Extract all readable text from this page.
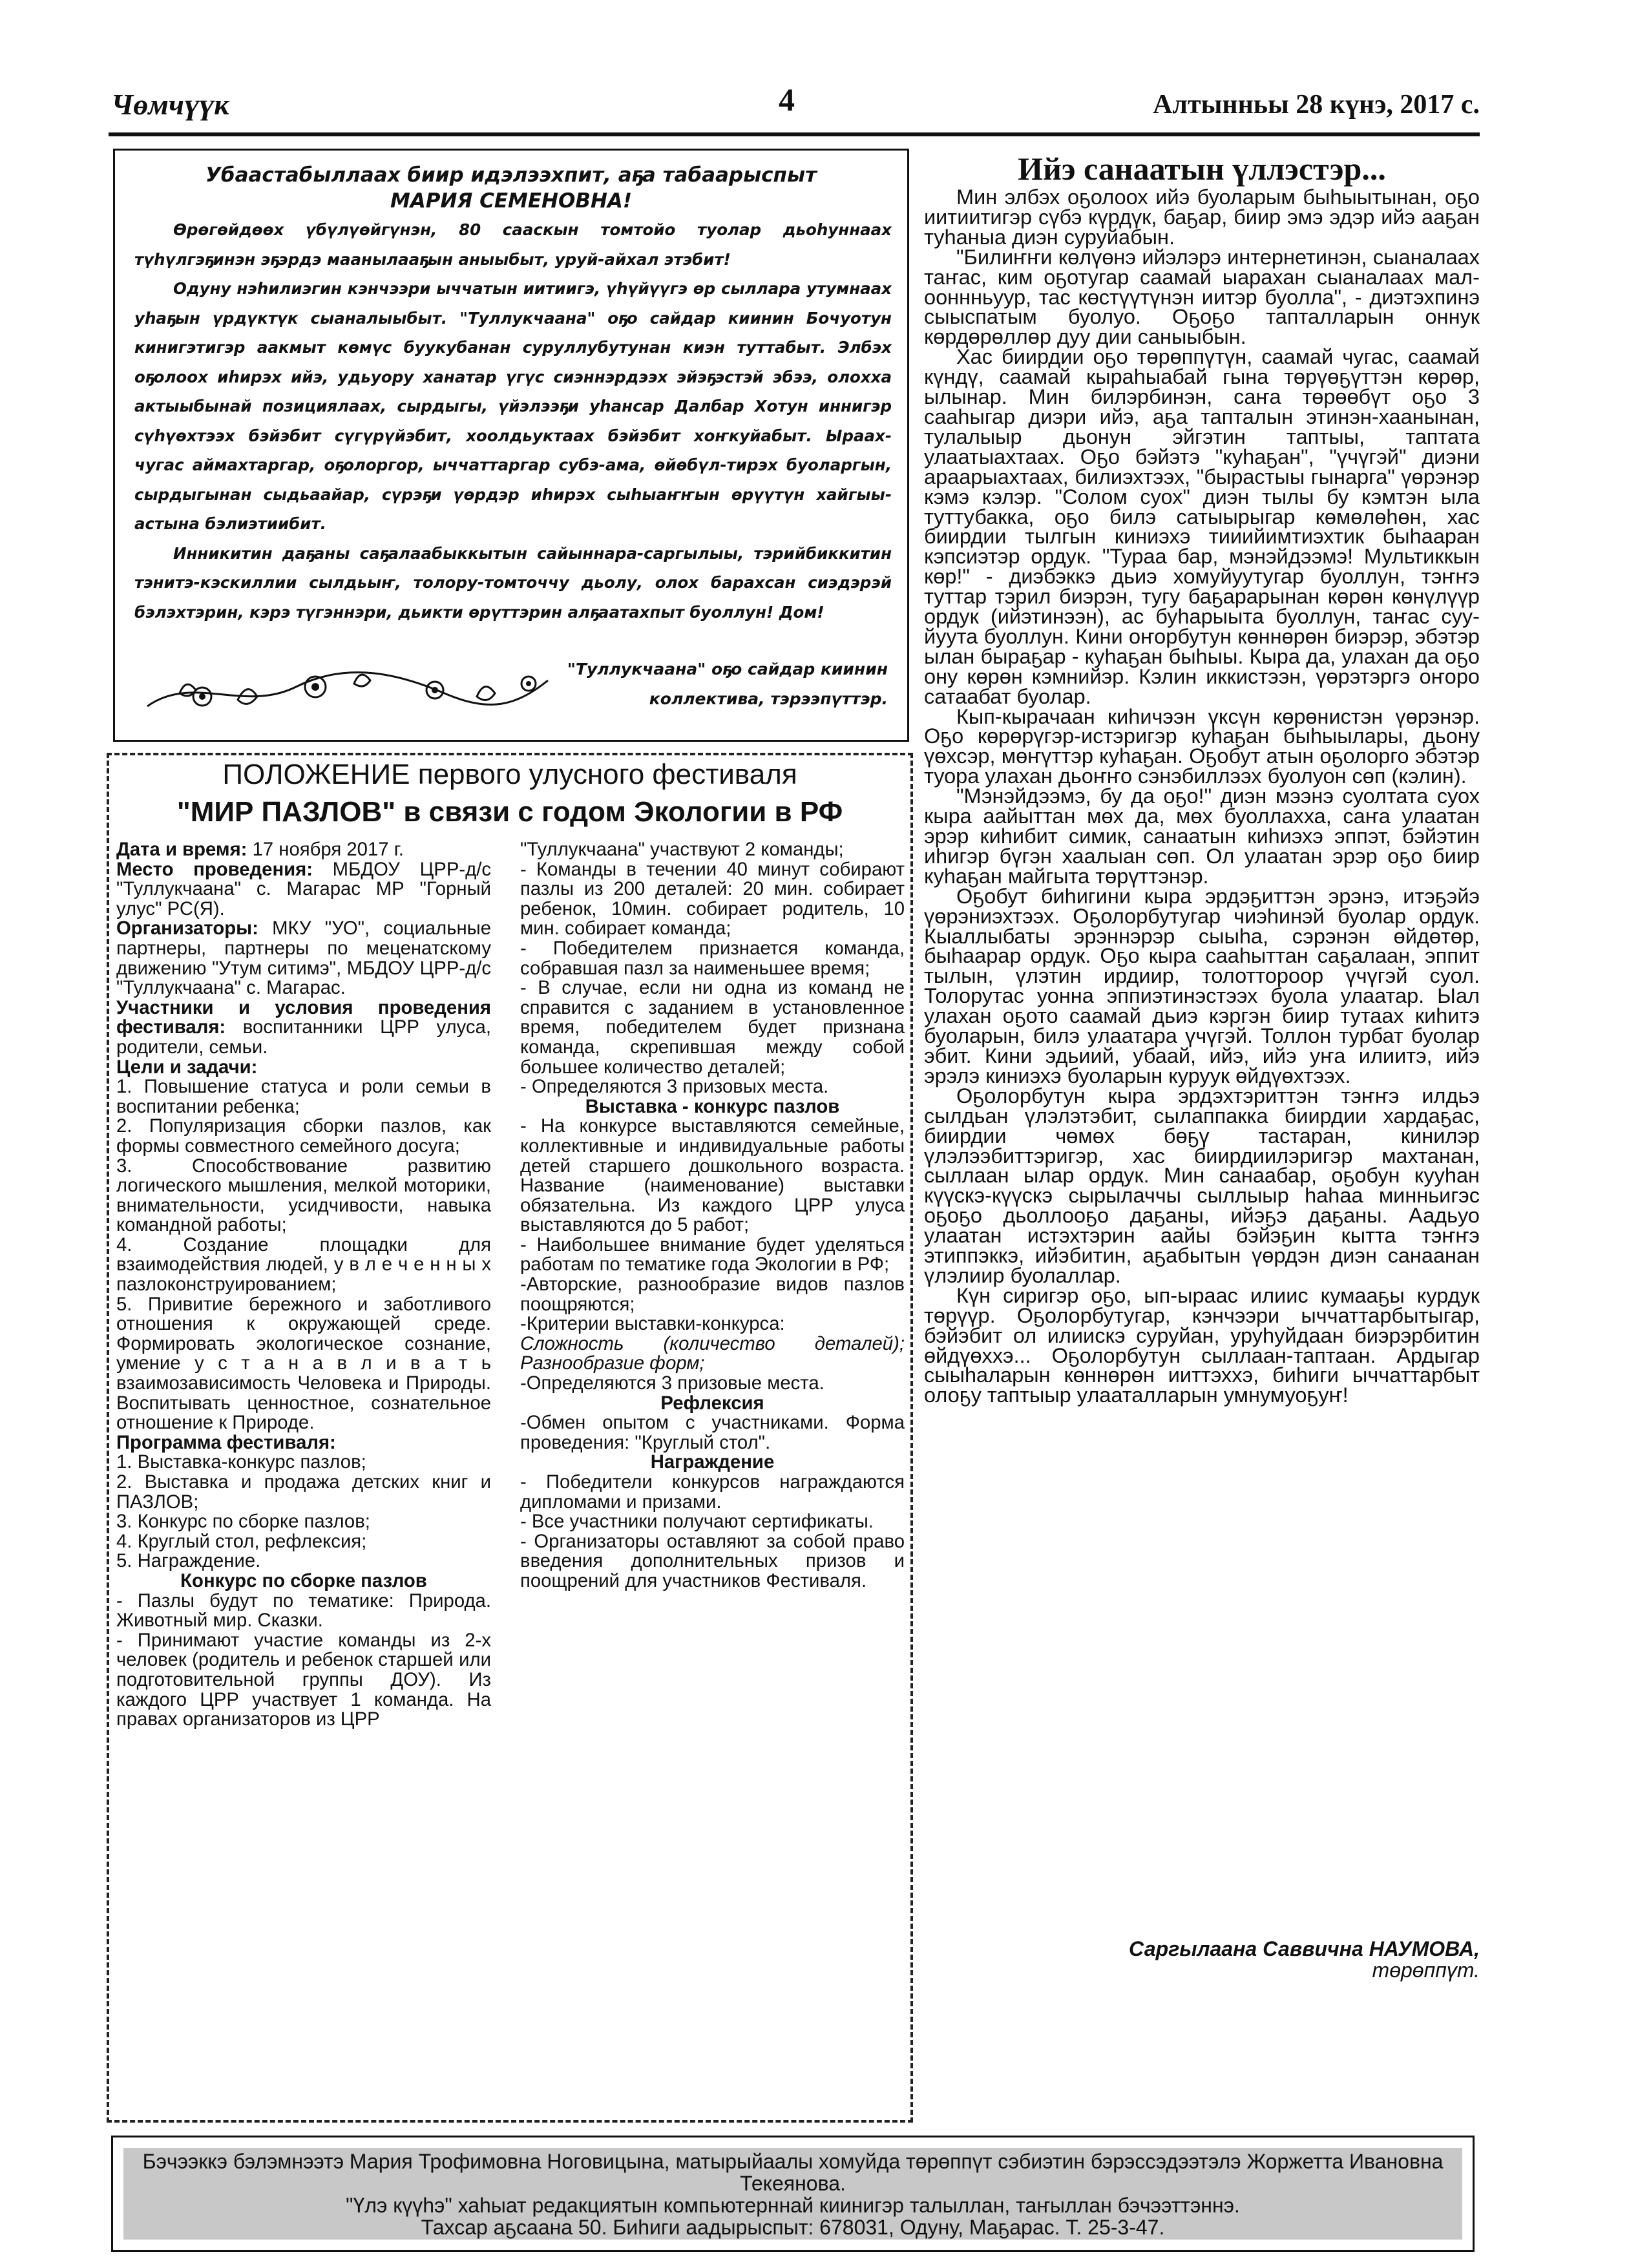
Чөмчүүк	4	Алтынньы 28 күнэ, 2017 с.
Убаастабыллаах биир идэлээхпит, аҕа табаарыспыт
МАРИЯ СЕМЕНОВНА!

Өрөгөйдөөх үбүлүөйгүнэн, 80 сааскын томтойо туолар дьоһуннаах түһүлгэҕинэн эҕэрдэ маанылааҕын аныыбыт, уруй-айхал этэбит!

Одуну нэһилиэгин кэнчээри ыччатын иитиигэ, үһүйүүгэ өр сыллара утумнаах уһаҕын үрдүктүк сыаналыыбыт. "Туллукчаана" оҕо сайдар киинин Бочуотун кинигэтигэр аакмыт көмүс буукубанан суруллубутунан киэн туттабыт. Элбэх оҕолоох иһирэх ийэ, удьуору ханатар үгүс сиэннэрдээх эйэҕэстэй эбээ, олохха актыыбынай позициялаах, сырдыгы, үйэлээҕи уһансар Далбар Хотун иннигэр сүһүөхтээх бэйэбит сүгүрүйэбит, хоолдьуктаах бэйэбит хоҥкуйабыт. Ыраах-чугас аймахтаргар, оҕолоргор, ыччаттаргар субэ-ама, өйөбүл-тирэх буоларгын, сырдыгынан сыдьаайар, сүрэҕи үөрдэр иһирэх сыһыаҥҥын өрүүтүн хайгыы-астына бэлиэтиибит.

Инникитин даҕаны саҕалаабыккытын сайыннара-саргылыы, тэрийбиккитин тэнитэ-кэскиллии сылдьыҥ, толору-томточчу дьолу, олох барахсан сиэдэрэй бэлэхтэрин, кэрэ түгэннэри, дьикти өрүттэрин алҕаатахпыт буоллун! Дом!

"Туллукчаана" оҕо сайдар киинин
коллектива, тэрээпүттэр.
ПОЛОЖЕНИЕ первого улусного фестиваля
"МИР ПАЗЛОВ" в связи с годом Экологии в РФ

Дата и время: 17 ноября 2017 г.

Место проведения: МБДОУ ЦРР-д/с "Туллукчаана" с. Магарас МР "Горный улус" РС(Я).

Организаторы: МКУ "УО", социальные партнеры, партнеры по меценатскому движению "Утум ситимэ", МБДОУ ЦРР-д/с "Туллукчаана" с. Магарас.

Участники и условия проведения фестиваля: воспитанники ЦРР улуса, родители, семьи.

Цели и задачи:

1. Повышение статуса и роли семьи в воспитании ребенка;

2. Популяризация сборки пазлов, как формы совместного семейного досуга;

3. Способствование развитию логического мышления, мелкой моторики, внимательности, усидчивости, навыка командной работы;

4. Создание площадки для взаимодействия людей, у в л е ч е н н ы х пазлоконструированием;

5. Привитие бережного и заботливого отношения к окружающей среде. Формировать экологическое сознание, умение у с т а н а в л и в а т ь взаимозависимость Человека и Природы. Воспитывать ценностное, сознательное отношение к Природе.

Программа фестиваля:

1. Выставка-конкурс пазлов;

2. Выставка и продажа детских книг и ПАЗЛОВ;

3. Конкурс по сборке пазлов;

4. Круглый стол, рефлексия;

5. Награждение.

Конкурс по сборке пазлов

- Пазлы будут по тематике: Природа. Животный мир. Сказки.

- Принимают участие команды из 2-х человек (родитель и ребенок старшей или подготовительной группы ДОУ). Из каждого ЦРР участвует 1 команда. На правах организаторов из ЦРР

"Туллукчаана" участвуют 2 команды;

- Команды в течении 40 минут собирают пазлы из 200 деталей: 20 мин. собирает ребенок, 10мин. собирает родитель, 10 мин. собирает команда;

- Победителем признается команда, собравшая пазл за наименьшее время;

- В случае, если ни одна из команд не справится с заданием в установленное время, победителем будет признана команда, скрепившая между собой большее количество деталей;

- Определяются 3 призовых места.

Выставка - конкурс пазлов

- На конкурсе выставляются семейные, коллективные и индивидуальные работы детей старшего дошкольного возраста. Название (наименование) выставки обязательна. Из каждого ЦРР улуса выставляются до 5 работ;

- Наибольшее внимание будет уделяться работам по тематике года Экологии в РФ;

-Авторские, разнообразие видов пазлов поощряются;

-Критерии выставки-конкурса:

Сложность (количество деталей); Разнообразие форм;

-Определяются 3 призовые места.

Рефлексия

-Обмен опытом с участниками. Форма проведения: "Круглый стол".

Награждение

- Победители конкурсов награждаются дипломами и призами.

- Все участники получают сертификаты.

- Организаторы оставляют за собой право введения дополнительных призов и поощрений для участников Фестиваля.

Ийэ санаатын үллэстэр...

Мин элбэх оҕолоох ийэ буоларым быһыытынан, оҕо иитиитигэр сүбэ күрдүк, баҕар, биир эмэ эдэр ийэ ааҕан туһаныа диэн суруйабын.

"Билиҥҥи көлүөнэ ийэлэрэ интернетинэн, сыаналаах таҥас, ким оҕотугар саамай ыарахан сыаналаах мал-ооннньуур, тас көстүүтүнэн иитэр буолла", - диэтэхпинэ сыыспатым буолуо. Оҕоҕо тапталларын оннук көрдөрөллөр дуу дии саныыбын.

Хас биирдии оҕо төрөппүтүн, саамай чугас, саамай күндү, саамай кыраһыабай гына төрүөҕүттэн көрөр, ылынар. Мин билэрбинэн, саҥа төрөөбүт оҕо 3 сааһыгар диэри ийэ, аҕа тапталын этинэн-хаанынан, тулалыыр дьонун эйгэтин таптыы, таптата улаатыахтаах. Оҕо бэйэтэ "куһаҕан", "үчүгэй" диэни араарыахтаах, билиэхтээх, "бырастыы гынарга" үөрэнэр кэмэ кэлэр. "Солом суох" диэн тылы бу кэмтэн ыла туттубакка, оҕо билэ сатыырыгар көмөлөһөн, хас биирдии тылгын киниэхэ тииийимтиэхтик быһааран кэпсиэтэр ордук. "Тураа бар, мэнэйдээмэ! Мультиккын көр!" - диэбэккэ дьиэ хомуйуутугар буоллун, тэҥҥэ туттар тэрил биэрэн, тугу баҕарарынан көрөн көнүлүүр ордук (ийэтинээн), ас буһарыыта буоллун, таҥас сууйуута буоллун. Кини оҥорбутун көннөрөн биэрэр, эбэтэр ылан быраҕар - куһаҕан быһыы. Кыра да, улахан да оҕо ону көрөн кэмнийэр. Кэлин иккистээн, үөрэтэргэ оҥоро сатаабат буолар.

Кып-кырачаан киһичээн үксүн көрөнистэн үөрэнэр. Оҕо көрөрүгэр-истэригэр куһаҕан быһыылары, дьону үөхсэр, мөҥүттэр куһаҕан. Оҕобут атын оҕолорго эбэтэр туора улахан дьоҥҥо сэнэбиллээх буолуон сөп (кэлин).

"Мэнэйдээмэ, бу да оҕо!" диэн мээнэ суолтата суох кыра аайыттан мөх да, мөх буоллахха, саҥа улаатан эрэр киһибит симик, санаатын киһиэхэ эппэт, бэйэтин иһигэр бүгэн хаалыан сөп. Ол улаатан эрэр оҕо биир куһаҕан майгыта төрүттэнэр.

Оҕобут биһигини кыра эрдэҕиттэн эрэнэ, итэҕэйэ үөрэниэхтээх. Оҕолорбутугар чиэһинэй буолар ордук. Кыаллыбаты эрэннэрэр сыыһа, сэрэнэн өйдөтөр, быһаарар ордук. Оҕо кыра сааһыттан саҕалаан, эппит тылын, үлэтин ирдиир, толоттороор үчүгэй суол. Толорутас уонна эппиэтинэстээх буола улаатар. Ыал улахан оҕото саамай дьиэ кэргэн биир тутаах киһитэ буоларын, билэ улаатара үчүгэй. Толлон турбат буолар эбит. Кини эдьиий, убаай, ийэ, ийэ уҥа илиитэ, ийэ эрэлэ киниэхэ буоларын куруук өйдүөхтээх.

Оҕолорбутун кыра эрдэхтэриттэн тэҥҥэ илдьэ сылдьан үлэлэтэбит, сылаппакка биирдии хардаҕас, биирдии чөмөх бөҕү тастаран, кинилэр үлэлээбиттэригэр, хас биирдиилэригэр махтанан, сыллаан ылар ордук. Мин санаабар, оҕобун кууһан күүскэ-күүскэ сырылаччы сыллыыр һаһаа минньигэс оҕоҕо дьоллооҕо даҕаны, ийэҕэ даҕаны. Аадьуо улаатан истэхтэрин аайы бэйэҕин кытта тэҥҥэ этиппэккэ, ийэбитин, аҕабытын үөрдэн диэн санаанан үлэлиир буолаллар.

Күн сиригэр оҕо, ып-ыраас илиис кумааҕы курдук төрүүр. Оҕолорбутугар, кэнчээри ыччаттарбытыгар, бэйэбит ол илиискэ суруйан, уруһуйдаан биэрэрбитин өйдүөххэ... Оҕолорбутун сыллаан-таптаан. Ардыгар сыыһаларын көннөрөн ииттэххэ, биһиги ыччаттарбыт олоҕу таптыыр улааталларын умнумуоҕуҥ!

Саргылаана Саввична НАУМОВА,
төрөппүт.
Бэчээккэ бэлэмнээтэ Мария Трофимовна Ноговицына, матырыйаалы хомуйда төрөппүт сэбиэтин бэрэссэдээтэлэ Жоржетта Ивановна Текеянова.
"Үлэ күүһэ" хаһыат редакциятын компьютерннай киинигэр талыллан, таҥыллан бэчээттэннэ.
Тахсар аҕсаана 50. Биһиги аадырыспыт: 678031, Одуну, Маҕарас. Т. 25-3-47.
